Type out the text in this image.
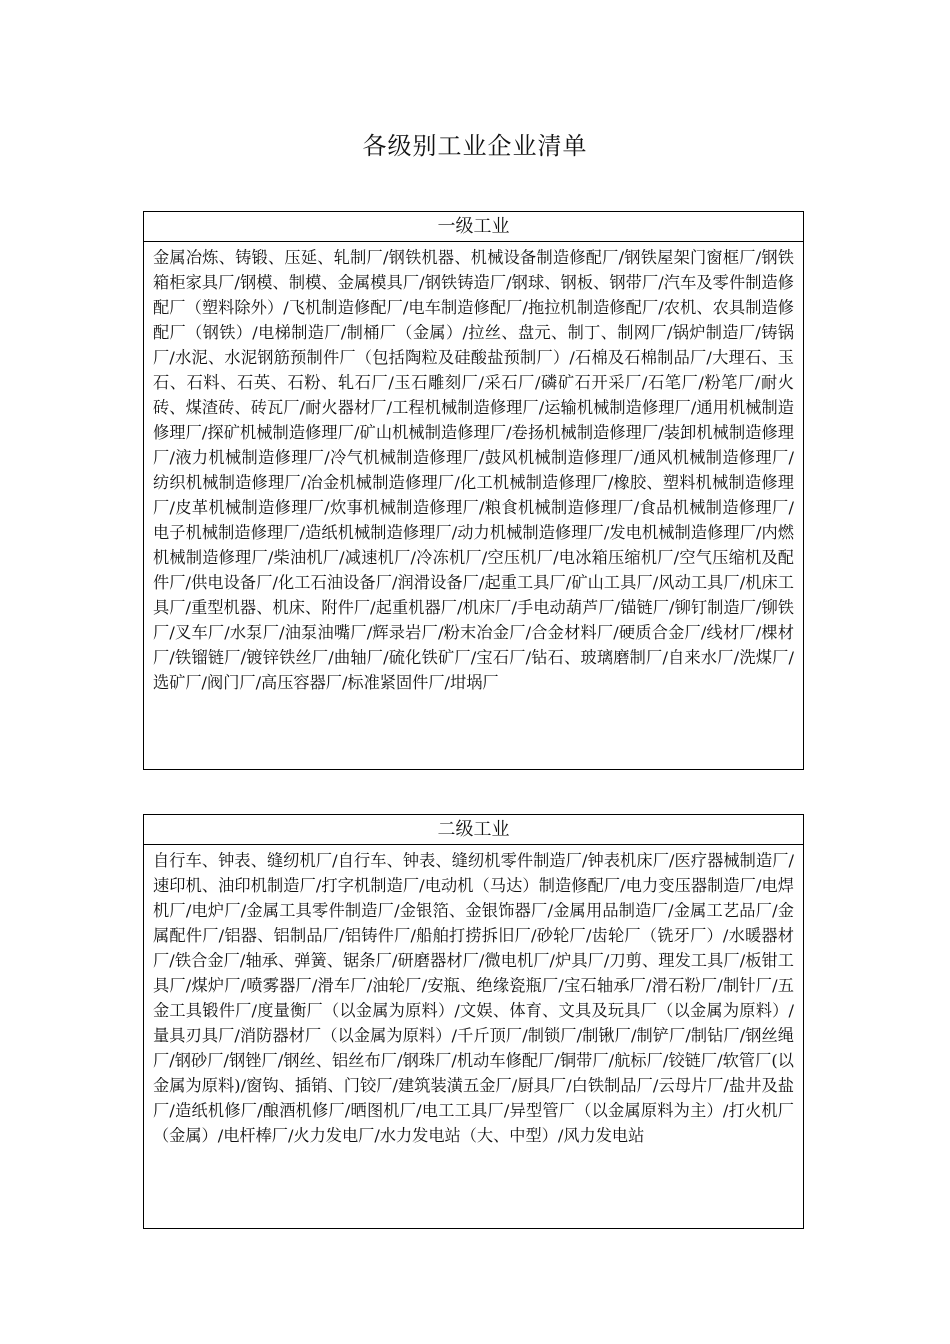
各级别工业企业清单
一级工业
金属冶炼、铸锻、压延、轧制厂/钢铁机器、机械设备制造修配厂/钢铁屋架门窗框厂/钢铁箱柜家具厂/钢模、制模、金属模具厂/钢铁铸造厂/钢球、钢板、钢带厂/汽车及零件制造修配厂（塑料除外）/飞机制造修配厂/电车制造修配厂/拖拉机制造修配厂/农机、农具制造修配厂（钢铁）/电梯制造厂/制桶厂（金属）/拉丝、盘元、制丁、制网厂/锅炉制造厂/铸锅厂/水泥、水泥钢筋预制件厂（包括陶粒及硅酸盐预制厂）/石棉及石棉制品厂/大理石、玉石、石料、石英、石粉、轧石厂/玉石雕刻厂/采石厂/磷矿石开采厂/石笔厂/粉笔厂/耐火砖、煤渣砖、砖瓦厂/耐火器材厂/工程机械制造修理厂/运输机械制造修理厂/通用机械制造修理厂/探矿机械制造修理厂/矿山机械制造修理厂/卷扬机械制造修理厂/装卸机械制造修理厂/液力机械制造修理厂/冷气机械制造修理厂/鼓风机械制造修理厂/通风机械制造修理厂/纺织机械制造修理厂/冶金机械制造修理厂/化工机械制造修理厂/橡胶、塑料机械制造修理厂/皮革机械制造修理厂/炊事机械制造修理厂/粮食机械制造修理厂/食品机械制造修理厂/电子机械制造修理厂/造纸机械制造修理厂/动力机械制造修理厂/发电机械制造修理厂/内燃机械制造修理厂/柴油机厂/减速机厂/冷冻机厂/空压机厂/电冰箱压缩机厂/空气压缩机及配件厂/供电设备厂/化工石油设备厂/润滑设备厂/起重工具厂/矿山工具厂/风动工具厂/机床工具厂/重型机器、机床、附件厂/起重机器厂/机床厂/手电动葫芦厂/锚链厂/铆钉制造厂/铆铁厂/叉车厂/水泵厂/油泵油嘴厂/辉录岩厂/粉末冶金厂/合金材料厂/硬质合金厂/线材厂/棵材厂/铁镏链厂/镀锌铁丝厂/曲轴厂/硫化铁矿厂/宝石厂/钻石、玻璃磨制厂/自来水厂/洗煤厂/选矿厂/阀门厂/高压容器厂/标准紧固件厂/坩埚厂
二级工业
自行车、钟表、缝纫机厂/自行车、钟表、缝纫机零件制造厂/钟表机床厂/医疗器械制造厂/速印机、油印机制造厂/打字机制造厂/电动机（马达）制造修配厂/电力变压器制造厂/电焊机厂/电炉厂/金属工具零件制造厂/金银箔、金银饰器厂/金属用品制造厂/金属工艺品厂/金属配件厂/铝器、铝制品厂/铝铸件厂/船舶打捞拆旧厂/砂轮厂/齿轮厂（铣牙厂）/水暖器材厂/铁合金厂/轴承、弹簧、锯条厂/研磨器材厂/微电机厂/炉具厂/刀剪、理发工具厂/板钳工具厂/煤炉厂/喷雾器厂/滑车厂/油轮厂/安瓶、绝缘瓷瓶厂/宝石轴承厂/滑石粉厂/制针厂/五金工具锻件厂/度量衡厂（以金属为原料）/文娱、体育、文具及玩具厂（以金属为原料）/量具刃具厂/消防器材厂（以金属为原料）/千斤顶厂/制锁厂/制锹厂/制铲厂/制钻厂/钢丝绳厂/钢砂厂/钢锉厂/钢丝、铝丝布厂/钢珠厂/机动车修配厂/铜带厂/航标厂/铰链厂/软管厂(以金属为原料)/窗钩、插销、门铰厂/建筑装潢五金厂/厨具厂/白铁制品厂/云母片厂/盐井及盐厂/造纸机修厂/酿酒机修厂/晒图机厂/电工工具厂/异型管厂（以金属原料为主）/打火机厂（金属）/电杆棒厂/火力发电厂/水力发电站（大、中型）/风力发电站
